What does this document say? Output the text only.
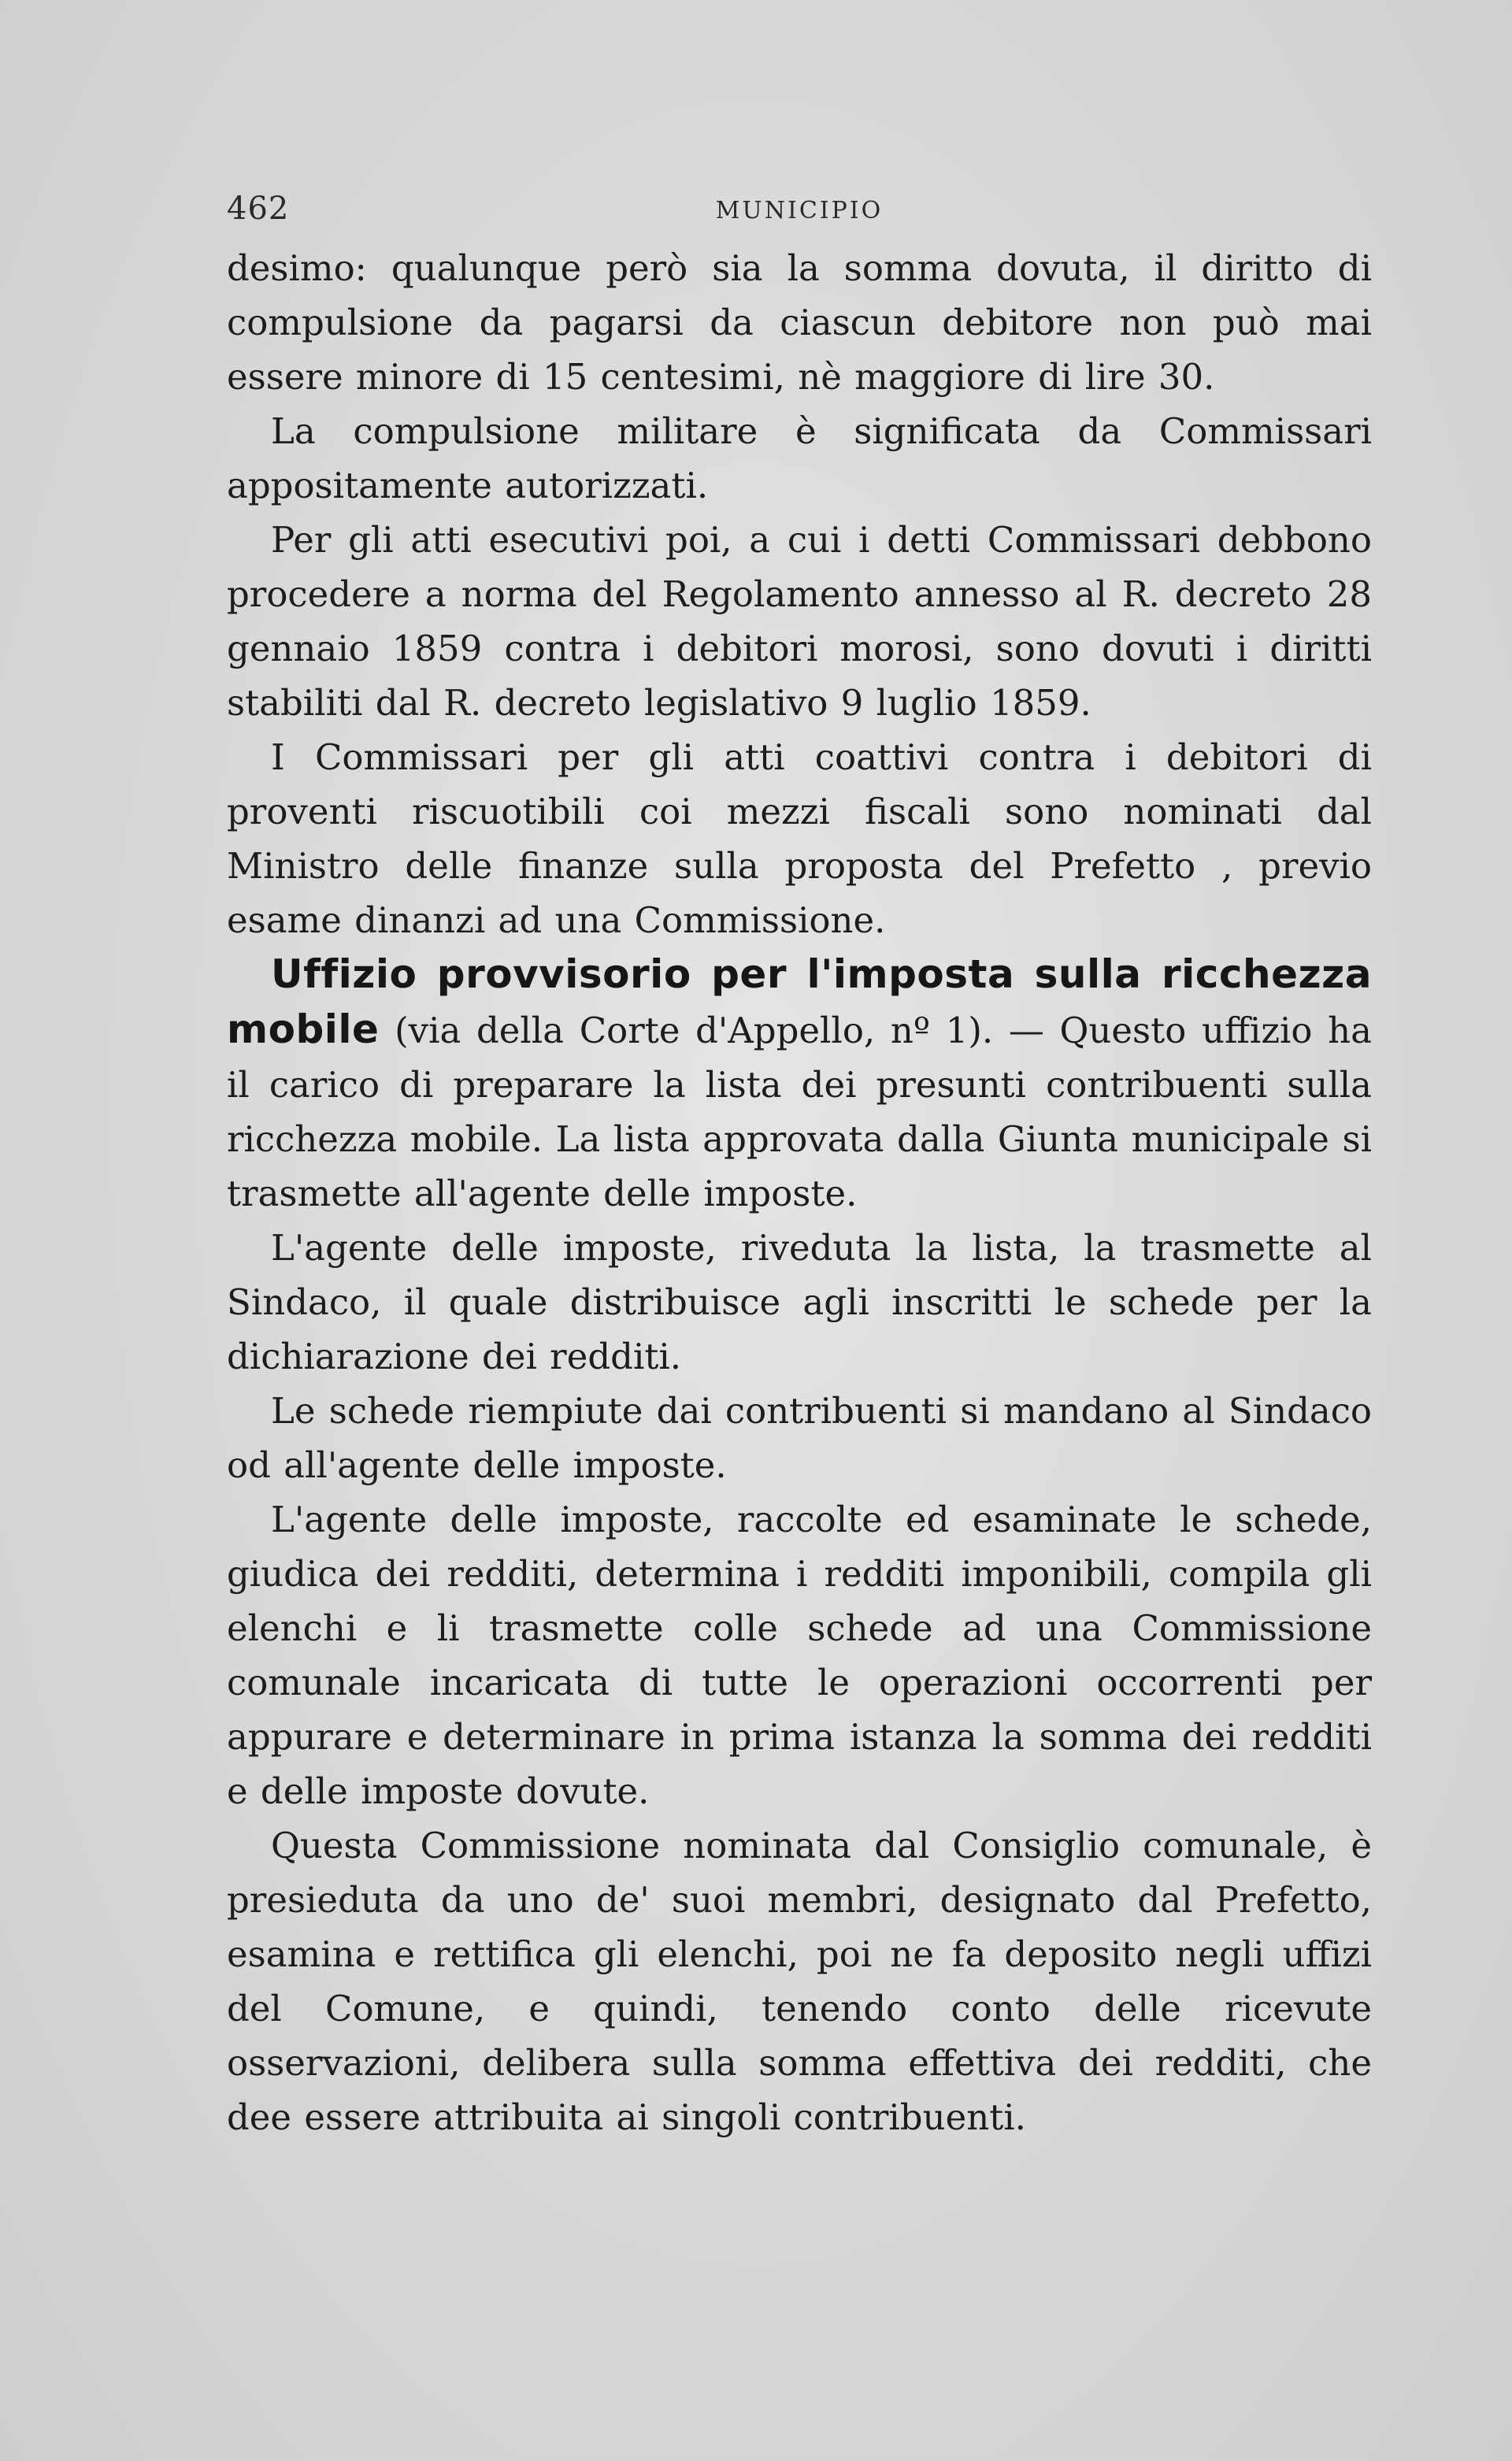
462	MUNICIPIO

desimo: qualunque però sia la somma dovuta, il diritto di compulsione da pagarsi da ciascun debitore non può mai essere minore di 15 centesimi, nè maggiore di lire 30.

La compulsione militare è significata da Commissari appositamente autorizzati.

Per gli atti esecutivi poi, a cui i detti Commissari debbono procedere a norma del Regolamento annesso al R. decreto 28 gennaio 1859 contra i debitori morosi, sono dovuti i diritti stabiliti dal R. decreto legislativo 9 luglio 1859.

I Commissari per gli atti coattivi contra i debitori di proventi riscuotibili coi mezzi fiscali sono nominati dal Ministro delle finanze sulla proposta del Prefetto , previo esame dinanzi ad una Commissione.

Uffizio provvisorio per l'imposta sulla ricchezza mobile (via della Corte d'Appello, nº 1). — Questo uffizio ha il carico di preparare la lista dei presunti contribuenti sulla ricchezza mobile. La lista approvata dalla Giunta municipale si trasmette all'agente delle imposte.

L'agente delle imposte, riveduta la lista, la trasmette al Sindaco, il quale distribuisce agli inscritti le schede per la dichiarazione dei redditi.

Le schede riempiute dai contribuenti si mandano al Sindaco od all'agente delle imposte.

L'agente delle imposte, raccolte ed esaminate le schede, giudica dei redditi, determina i redditi imponibili, compila gli elenchi e li trasmette colle schede ad una Commissione comunale incaricata di tutte le operazioni occorrenti per appurare e determinare in prima istanza la somma dei redditi e delle imposte dovute.

Questa Commissione nominata dal Consiglio comunale, è presieduta da uno de' suoi membri, designato dal Prefetto, esamina e rettifica gli elenchi, poi ne fa deposito negli uffizi del Comune, e quindi, tenendo conto delle ricevute osservazioni, delibera sulla somma effettiva dei redditi, che dee essere attribuita ai singoli contribuenti.
